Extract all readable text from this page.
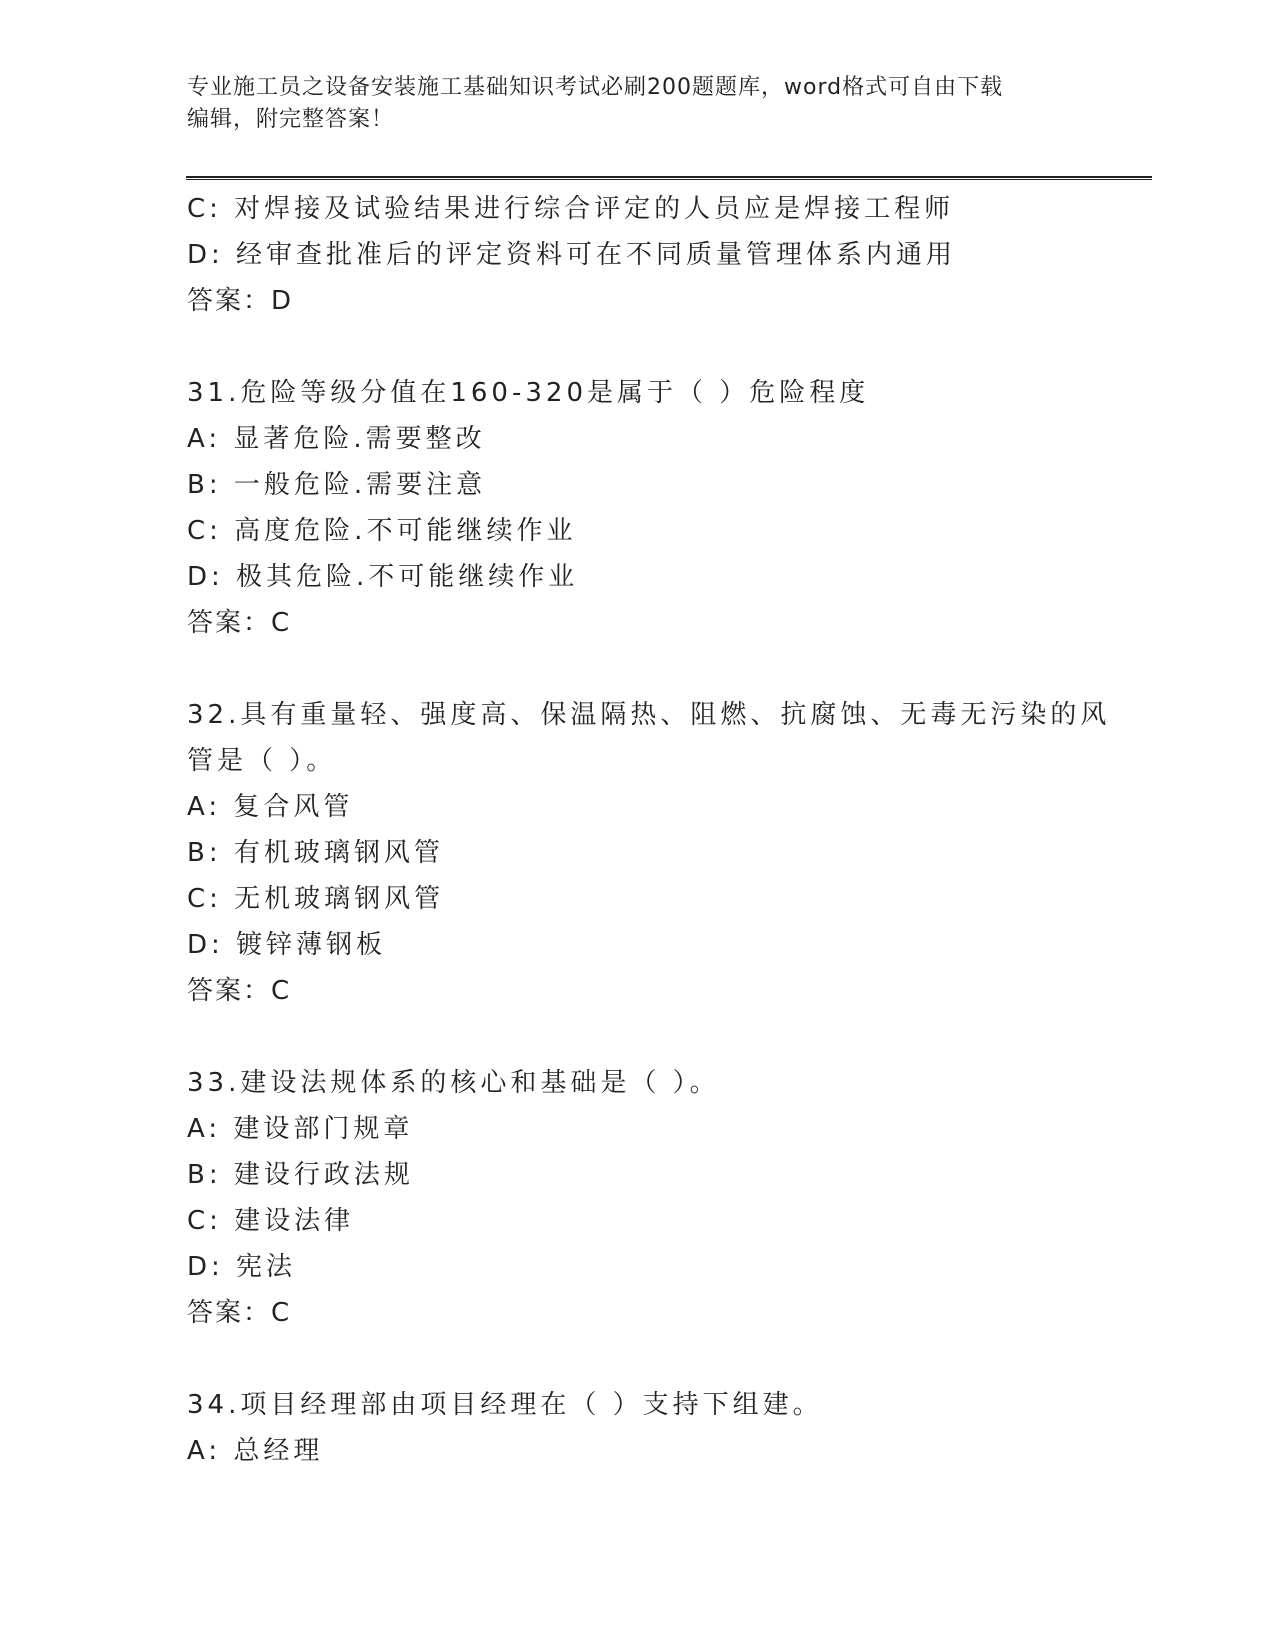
专业施工员之设备安装施工基础知识考试必刷200题题库，word格式可自由下载
编辑，附完整答案！
C: 对焊接及试验结果进行综合评定的人员应是焊接工程师
D: 经审查批准后的评定资料可在不同质量管理体系内通用
答案：D
31.危险等级分值在160-320是属于（ ）危险程度
A: 显著危险.需要整改
B: 一般危险.需要注意
C: 高度危险.不可能继续作业
D: 极其危险.不可能继续作业
答案：C
32.具有重量轻、强度高、保温隔热、阻燃、抗腐蚀、无毒无污染的风
管是（ ）。
A: 复合风管
B: 有机玻璃钢风管
C: 无机玻璃钢风管
D: 镀锌薄钢板
答案：C
33.建设法规体系的核心和基础是（ ）。
A: 建设部门规章
B: 建设行政法规
C: 建设法律
D: 宪法
答案：C
34.项目经理部由项目经理在（ ）支持下组建。
A: 总经理
